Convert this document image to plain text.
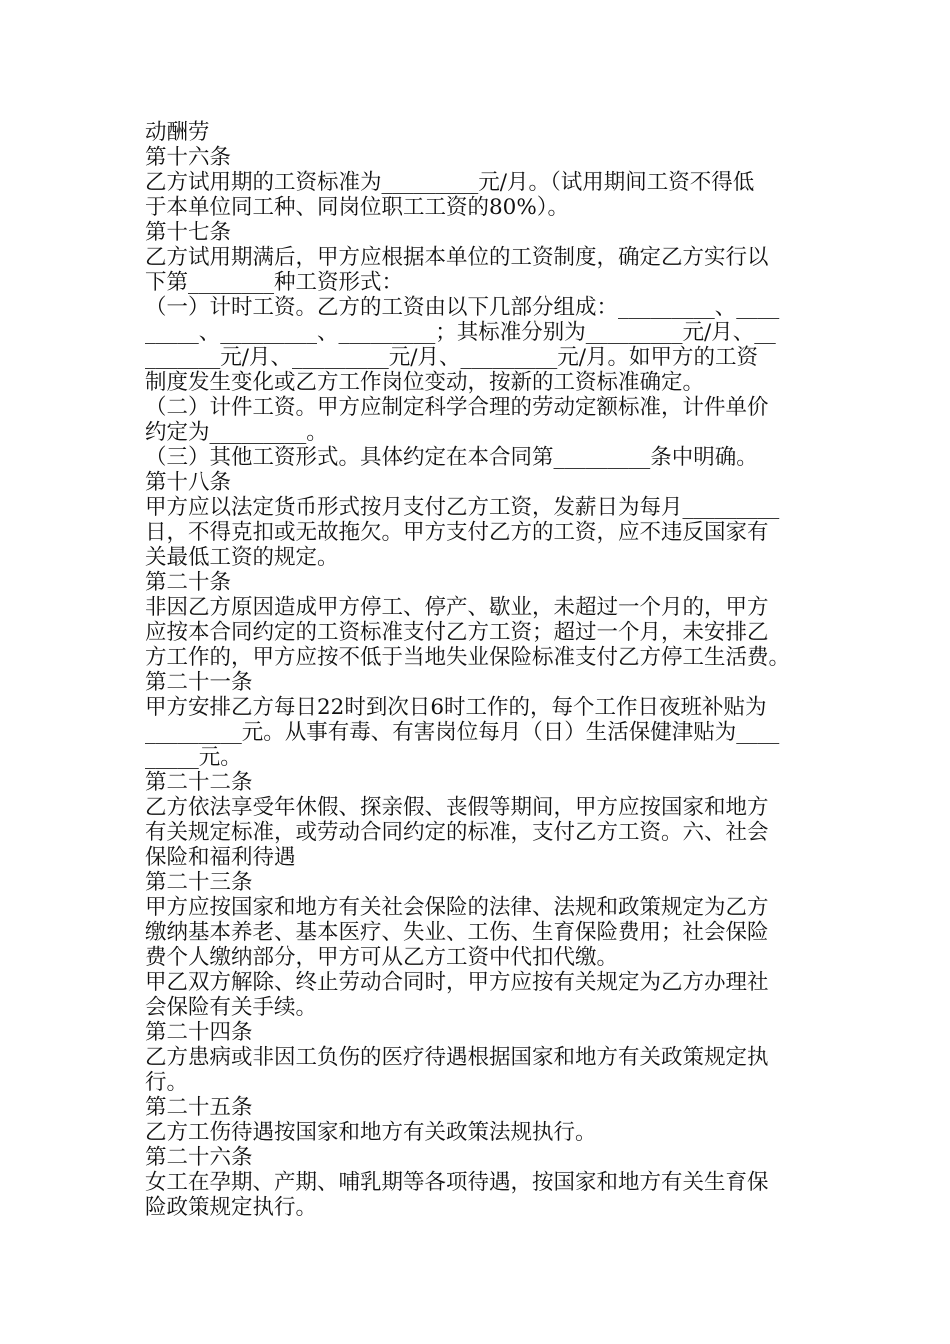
动酬劳
第十六条
乙方试用期的工资标准为_________元/月。（试用期间工资不得低
于本单位同工种、同岗位职工工资的80%）。
第十七条
乙方试用期满后，甲方应根据本单位的工资制度，确定乙方实行以
下第________种工资形式：
（一）计时工资。乙方的工资由以下几部分组成：_________、____
_____、_________、_________；其标准分别为_________元/月、__
_______元/月、_________元/月、_________元/月。如甲方的工资
制度发生变化或乙方工作岗位变动，按新的工资标准确定。
（二）计件工资。甲方应制定科学合理的劳动定额标准，计件单价
约定为_________。
（三）其他工资形式。具体约定在本合同第_________条中明确。
第十八条
甲方应以法定货币形式按月支付乙方工资，发薪日为每月_________
日，不得克扣或无故拖欠。甲方支付乙方的工资，应不违反国家有
关最低工资的规定。
第二十条
非因乙方原因造成甲方停工、停产、歇业，未超过一个月的，甲方
应按本合同约定的工资标准支付乙方工资；超过一个月，未安排乙
方工作的，甲方应按不低于当地失业保险标准支付乙方停工生活费。
第二十一条
甲方安排乙方每日22时到次日6时工作的，每个工作日夜班补贴为
_________元。从事有毒、有害岗位每月（日）生活保健津贴为____
_____元。
第二十二条
乙方依法享受年休假、探亲假、丧假等期间，甲方应按国家和地方
有关规定标准，或劳动合同约定的标准，支付乙方工资。六、社会
保险和福利待遇
第二十三条
甲方应按国家和地方有关社会保险的法律、法规和政策规定为乙方
缴纳基本养老、基本医疗、失业、工伤、生育保险费用；社会保险
费个人缴纳部分，甲方可从乙方工资中代扣代缴。
甲乙双方解除、终止劳动合同时，甲方应按有关规定为乙方办理社
会保险有关手续。
第二十四条
乙方患病或非因工负伤的医疗待遇根据国家和地方有关政策规定执
行。
第二十五条
乙方工伤待遇按国家和地方有关政策法规执行。
第二十六条
女工在孕期、产期、哺乳期等各项待遇，按国家和地方有关生育保
险政策规定执行。
